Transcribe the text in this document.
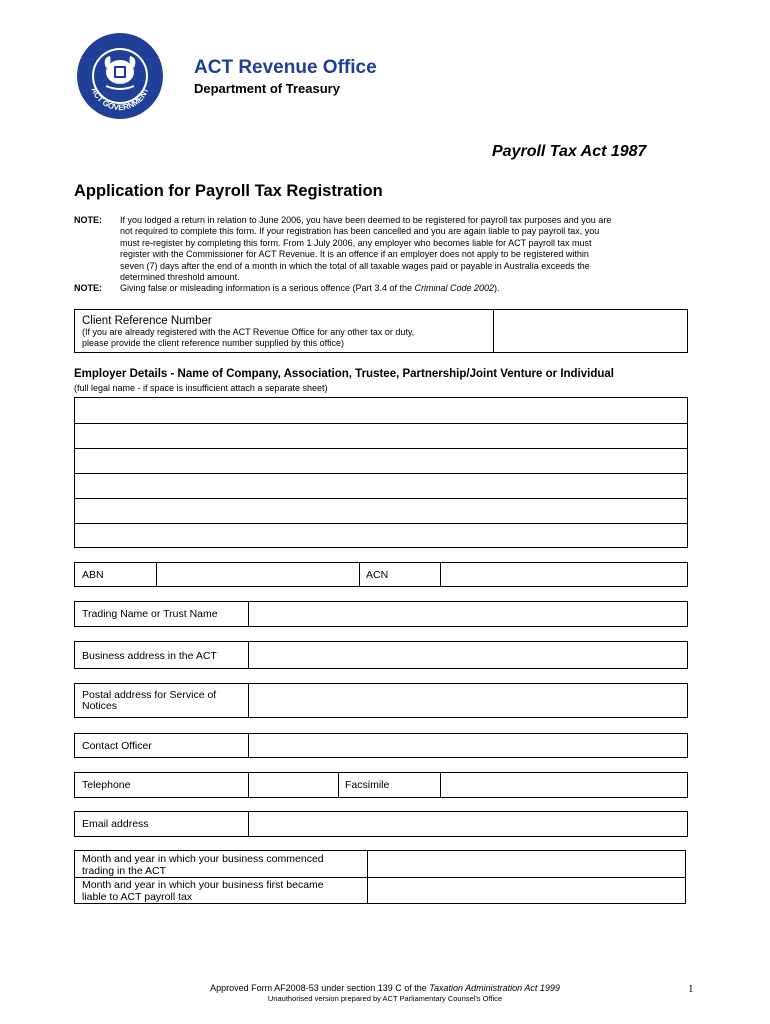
ACT GOVERNMENT
ACT Revenue Office
Department of Treasury
Payroll Tax Act 1987
Application for Payroll Tax Registration
NOTE: If you lodged a return in relation to June 2006, you have been deemed to be registered for payroll tax purposes and you are
not required to complete this form. If your registration has been cancelled and you are again liable to pay payroll tax, you
must re-register by completing this form. From 1 July 2006, any employer who becomes liable for ACT payroll tax must
register with the Commissioner for ACT Revenue. It is an offence if an employer does not apply to be registered within
seven (7) days after the end of a month in which the total of all taxable wages paid or payable in Australia exceeds the
determined threshold amount.
NOTE: Giving false or misleading information is a serious offence (Part 3.4 of the Criminal Code 2002).
Client Reference Number
(If you are already registered with the ACT Revenue Office for any other tax or duty,
please provide the client reference number supplied by this office)
Employer Details - Name of Company, Association, Trustee, Partnership/Joint Venture or Individual
(full legal name - if space is insufficient attach a separate sheet)
ABN	ACN
Trading Name or Trust Name
Business address in the ACT
Postal address for Service of
Notices
Contact Officer
Telephone	Facsimile
Email address
Month and year in which your business commenced
trading in the ACT
Month and year in which your business first became
liable to ACT payroll tax
Approved Form AF2008-53 under section 139 C of the Taxation Administration Act 1999
Unauthorised version prepared by ACT Parliamentary Counsel's Office
1
